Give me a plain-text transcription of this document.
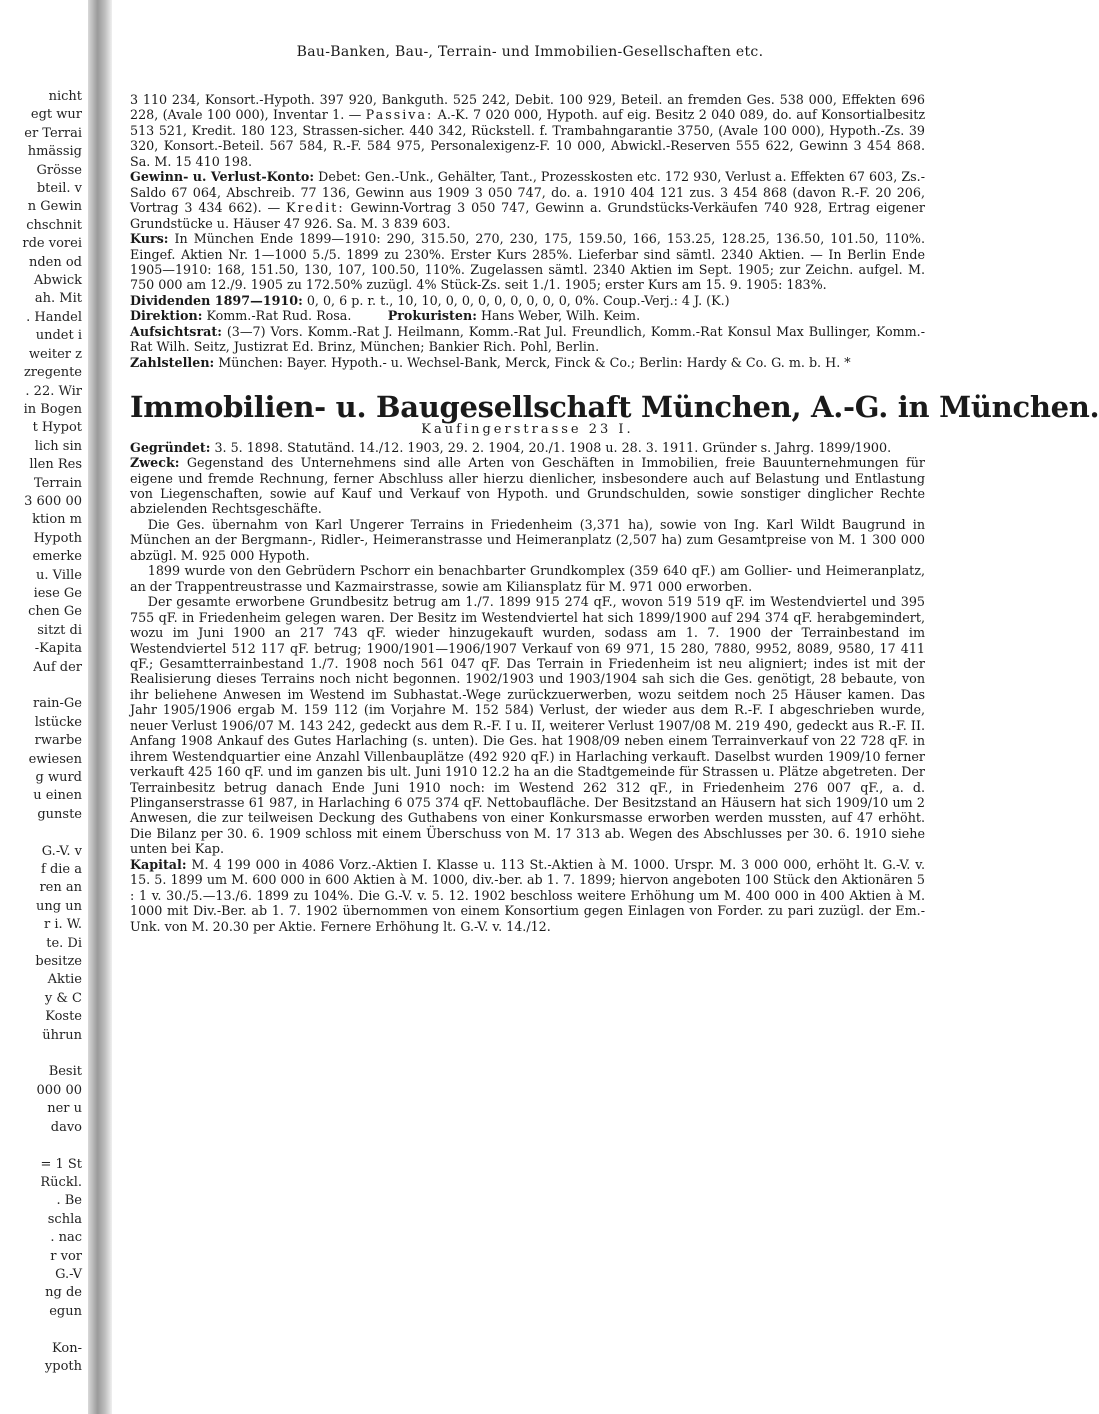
nicht
egt wur
er Terrai
hmässig
Grösse
bteil. v
n Gewin
chschnit
rde vorei
nden od
Abwick
ah. Mit
. Handel
undet i
weiter z
zregente
. 22. Wir
in Bogen
t Hypot
lich sin
llen Res
Terrain
3 600 00
ktion m
Hypoth
emerke
u. Ville
iese Ge
chen Ge
sitzt di
-Kapita
Auf der
rain-Ge
lstücke
rwarbe
ewiesen
g wurd
u einen
gunste
G.-V. v
f die a
ren an
ung un
r i. W.
te. Di
besitze
Aktie
y & C
Koste
ührun
Besit
000 00
ner u
davo
= 1 St
Rückl.
. Be
schla
. nac
r vor
G.-V
ng de
egun
Kon-
ypoth
Bau-Banken, Bau-, Terrain- und Immobilien-Gesellschaften etc.

3 110 234, Konsort.-Hypoth. 397 920, Bankguth. 525 242, Debit. 100 929, Beteil. an fremden Ges. 538 000, Effekten 696 228, (Avale 100 000), Inventar 1. — Passiva: A.-K. 7 020 000, Hypoth. auf eig. Besitz 2 040 089, do. auf Konsortialbesitz 513 521, Kredit. 180 123, Strassen-sicher. 440 342, Rückstell. f. Trambahngarantie 3750, (Avale 100 000), Hypoth.-Zs. 39 320, Konsort.-Beteil. 567 584, R.-F. 584 975, Personalexigenz-F. 10 000, Abwickl.-Reserven 555 622, Gewinn 3 454 868. Sa. M. 15 410 198.

Gewinn- u. Verlust-Konto: Debet: Gen.-Unk., Gehälter, Tant., Prozesskosten etc. 172 930, Verlust a. Effekten 67 603, Zs.-Saldo 67 064, Abschreib. 77 136, Gewinn aus 1909 3 050 747, do. a. 1910 404 121 zus. 3 454 868 (davon R.-F. 20 206, Vortrag 3 434 662). — Kredit: Gewinn-Vortrag 3 050 747, Gewinn a. Grundstücks-Verkäufen 740 928, Ertrag eigener Grundstücke u. Häuser 47 926. Sa. M. 3 839 603.

Kurs: In München Ende 1899—1910: 290, 315.50, 270, 230, 175, 159.50, 166, 153.25, 128.25, 136.50, 101.50, 110%. Eingef. Aktien Nr. 1—1000 5./5. 1899 zu 230%. Erster Kurs 285%. Lieferbar sind sämtl. 2340 Aktien. — In Berlin Ende 1905—1910: 168, 151.50, 130, 107, 100.50, 110%. Zugelassen sämtl. 2340 Aktien im Sept. 1905; zur Zeichn. aufgel. M. 750 000 am 12./9. 1905 zu 172.50% zuzügl. 4% Stück-Zs. seit 1./1. 1905; erster Kurs am 15. 9. 1905: 183%.

Dividenden 1897—1910: 0, 0, 6 p. r. t., 10, 10, 0, 0, 0, 0, 0, 0, 0, 0, 0%. Coup.-Verj.: 4 J. (K.)

Direktion: Komm.-Rat Rud. Rosa.	Prokuristen: Hans Weber, Wilh. Keim.

Aufsichtsrat: (3—7) Vors. Komm.-Rat J. Heilmann, Komm.-Rat Jul. Freundlich, Komm.-Rat Konsul Max Bullinger, Komm.-Rat Wilh. Seitz, Justizrat Ed. Brinz, München; Bankier Rich. Pohl, Berlin.

Zahlstellen: München: Bayer. Hypoth.- u. Wechsel-Bank, Merck, Finck & Co.; Berlin: Hardy & Co. G. m. b. H. *

Immobilien- u. Baugesellschaft München, A.-G. in München.
Kaufingerstrasse 23 I.

Gegründet: 3. 5. 1898. Statutänd. 14./12. 1903, 29. 2. 1904, 20./1. 1908 u. 28. 3. 1911. Gründer s. Jahrg. 1899/1900.

Zweck: Gegenstand des Unternehmens sind alle Arten von Geschäften in Immobilien, freie Bauunternehmungen für eigene und fremde Rechnung, ferner Abschluss aller hierzu dienlicher, insbesondere auch auf Belastung und Entlastung von Liegenschaften, sowie auf Kauf und Verkauf von Hypoth. und Grundschulden, sowie sonstiger dinglicher Rechte abzielenden Rechtsgeschäfte.

Die Ges. übernahm von Karl Ungerer Terrains in Friedenheim (3,371 ha), sowie von Ing. Karl Wildt Baugrund in München an der Bergmann-, Ridler-, Heimeranstrasse und Heimeranplatz (2,507 ha) zum Gesamtpreise von M. 1 300 000 abzügl. M. 925 000 Hypoth.

1899 wurde von den Gebrüdern Pschorr ein benachbarter Grundkomplex (359 640 qF.) am Gollier- und Heimeranplatz, an der Trappentreustrasse und Kazmairstrasse, sowie am Kiliansplatz für M. 971 000 erworben.

Der gesamte erworbene Grundbesitz betrug am 1./7. 1899 915 274 qF., wovon 519 519 qF. im Westendviertel und 395 755 qF. in Friedenheim gelegen waren. Der Besitz im Westendviertel hat sich 1899/1900 auf 294 374 qF. herabgemindert, wozu im Juni 1900 an 217 743 qF. wieder hinzugekauft wurden, sodass am 1. 7. 1900 der Terrainbestand im Westendviertel 512 117 qF. betrug; 1900/1901—1906/1907 Verkauf von 69 971, 15 280, 7880, 9952, 8089, 9580, 17 411 qF.; Gesamtterrainbestand 1./7. 1908 noch 561 047 qF. Das Terrain in Friedenheim ist neu aligniert; indes ist mit der Realisierung dieses Terrains noch nicht begonnen. 1902/1903 und 1903/1904 sah sich die Ges. genötigt, 28 bebaute, von ihr beliehene Anwesen im Westend im Subhastat.-Wege zurückzuerwerben, wozu seitdem noch 25 Häuser kamen. Das Jahr 1905/1906 ergab M. 159 112 (im Vorjahre M. 152 584) Verlust, der wieder aus dem R.-F. I abgeschrieben wurde, neuer Verlust 1906/07 M. 143 242, gedeckt aus dem R.-F. I u. II, weiterer Verlust 1907/08 M. 219 490, gedeckt aus R.-F. II. Anfang 1908 Ankauf des Gutes Harlaching (s. unten). Die Ges. hat 1908/09 neben einem Terrainverkauf von 22 728 qF. in ihrem Westendquartier eine Anzahl Villenbauplätze (492 920 qF.) in Harlaching verkauft. Daselbst wurden 1909/10 ferner verkauft 425 160 qF. und im ganzen bis ult. Juni 1910 12.2 ha an die Stadtgemeinde für Strassen u. Plätze abgetreten. Der Terrainbesitz betrug danach Ende Juni 1910 noch: im Westend 262 312 qF., in Friedenheim 276 007 qF., a. d. Plinganserstrasse 61 987, in Harlaching 6 075 374 qF. Nettobaufläche. Der Besitzstand an Häusern hat sich 1909/10 um 2 Anwesen, die zur teilweisen Deckung des Guthabens von einer Konkursmasse erworben werden mussten, auf 47 erhöht. Die Bilanz per 30. 6. 1909 schloss mit einem Überschuss von M. 17 313 ab. Wegen des Abschlusses per 30. 6. 1910 siehe unten bei Kap.

Kapital: M. 4 199 000 in 4086 Vorz.-Aktien I. Klasse u. 113 St.-Aktien à M. 1000. Urspr. M. 3 000 000, erhöht lt. G.-V. v. 15. 5. 1899 um M. 600 000 in 600 Aktien à M. 1000, div.-ber. ab 1. 7. 1899; hiervon angeboten 100 Stück den Aktionären 5 : 1 v. 30./5.—13./6. 1899 zu 104%. Die G.-V. v. 5. 12. 1902 beschloss weitere Erhöhung um M. 400 000 in 400 Aktien à M. 1000 mit Div.-Ber. ab 1. 7. 1902 übernommen von einem Konsortium gegen Einlagen von Forder. zu pari zuzügl. der Em.-Unk. von M. 20.30 per Aktie. Fernere Erhöhung lt. G.-V. v. 14./12.
